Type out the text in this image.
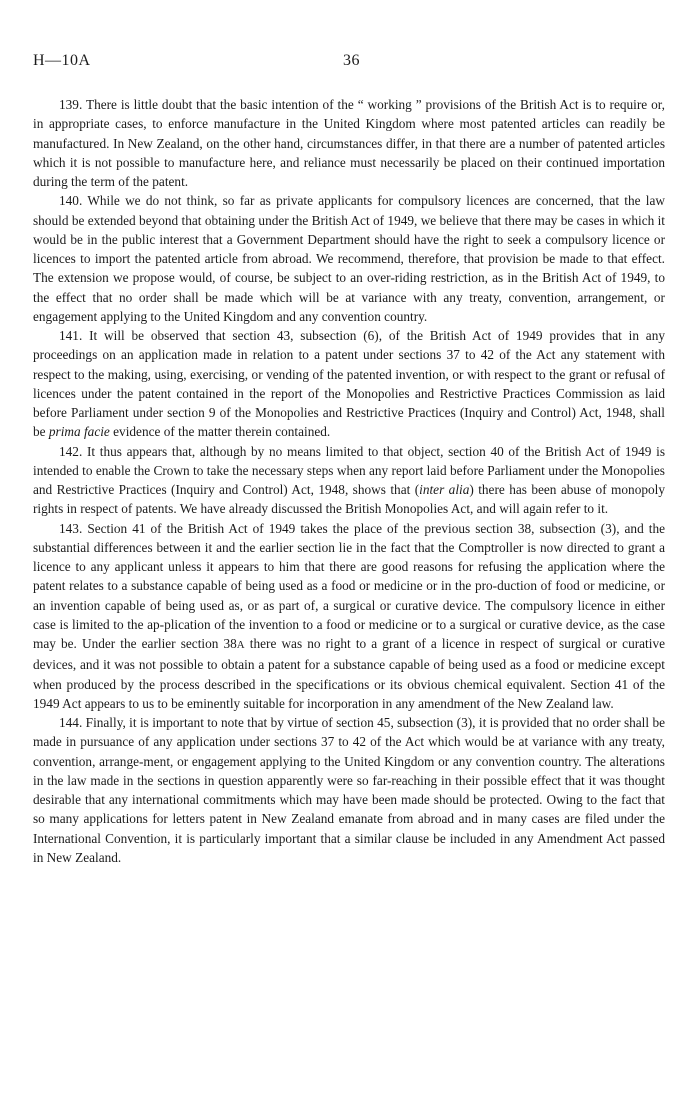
H—10A	36

139. There is little doubt that the basic intention of the “ working ” provisions of the British Act is to require or, in appropriate cases, to enforce manufacture in the United Kingdom where most patented articles can readily be manufactured. In New Zealand, on the other hand, circumstances differ, in that there are a number of patented articles which it is not possible to manufacture here, and reliance must necessarily be placed on their continued importation during the term of the patent.

140. While we do not think, so far as private applicants for compulsory licences are concerned, that the law should be extended beyond that obtaining under the British Act of 1949, we believe that there may be cases in which it would be in the public interest that a Government Department should have the right to seek a compulsory licence or licences to import the patented article from abroad. We recommend, therefore, that provision be made to that effect. The extension we propose would, of course, be subject to an over-riding restriction, as in the British Act of 1949, to the effect that no order shall be made which will be at variance with any treaty, convention, arrangement, or engagement applying to the United Kingdom and any convention country.

141. It will be observed that section 43, subsection (6), of the British Act of 1949 provides that in any proceedings on an application made in relation to a patent under sections 37 to 42 of the Act any statement with respect to the making, using, exercising, or vending of the patented invention, or with respect to the grant or refusal of licences under the patent contained in the report of the Monopolies and Restrictive Practices Commission as laid before Parliament under section 9 of the Monopolies and Restrictive Practices (Inquiry and Control) Act, 1948, shall be prima facie evidence of the matter therein contained.

142. It thus appears that, although by no means limited to that object, section 40 of the British Act of 1949 is intended to enable the Crown to take the necessary steps when any report laid before Parliament under the Monopolies and Restrictive Practices (Inquiry and Control) Act, 1948, shows that (inter alia) there has been abuse of monopoly rights in respect of patents. We have already discussed the British Monopolies Act, and will again refer to it.

143. Section 41 of the British Act of 1949 takes the place of the previous section 38, subsection (3), and the substantial differences between it and the earlier section lie in the fact that the Comptroller is now directed to grant a licence to any applicant unless it appears to him that there are good reasons for refusing the application where the patent relates to a substance capable of being used as a food or medicine or in the pro-duction of food or medicine, or an invention capable of being used as, or as part of, a surgical or curative device. The compulsory licence in either case is limited to the ap-plication of the invention to a food or medicine or to a surgical or curative device, as the case may be. Under the earlier section 38A there was no right to a grant of a licence in respect of surgical or curative devices, and it was not possible to obtain a patent for a substance capable of being used as a food or medicine except when produced by the process described in the specifications or its obvious chemical equivalent. Section 41 of the 1949 Act appears to us to be eminently suitable for incorporation in any amendment of the New Zealand law.

144. Finally, it is important to note that by virtue of section 45, subsection (3), it is provided that no order shall be made in pursuance of any application under sections 37 to 42 of the Act which would be at variance with any treaty, convention, arrange-ment, or engagement applying to the United Kingdom or any convention country. The alterations in the law made in the sections in question apparently were so far-reaching in their possible effect that it was thought desirable that any international commitments which may have been made should be protected. Owing to the fact that so many applications for letters patent in New Zealand emanate from abroad and in many cases are filed under the International Convention, it is particularly important that a similar clause be included in any Amendment Act passed in New Zealand.
